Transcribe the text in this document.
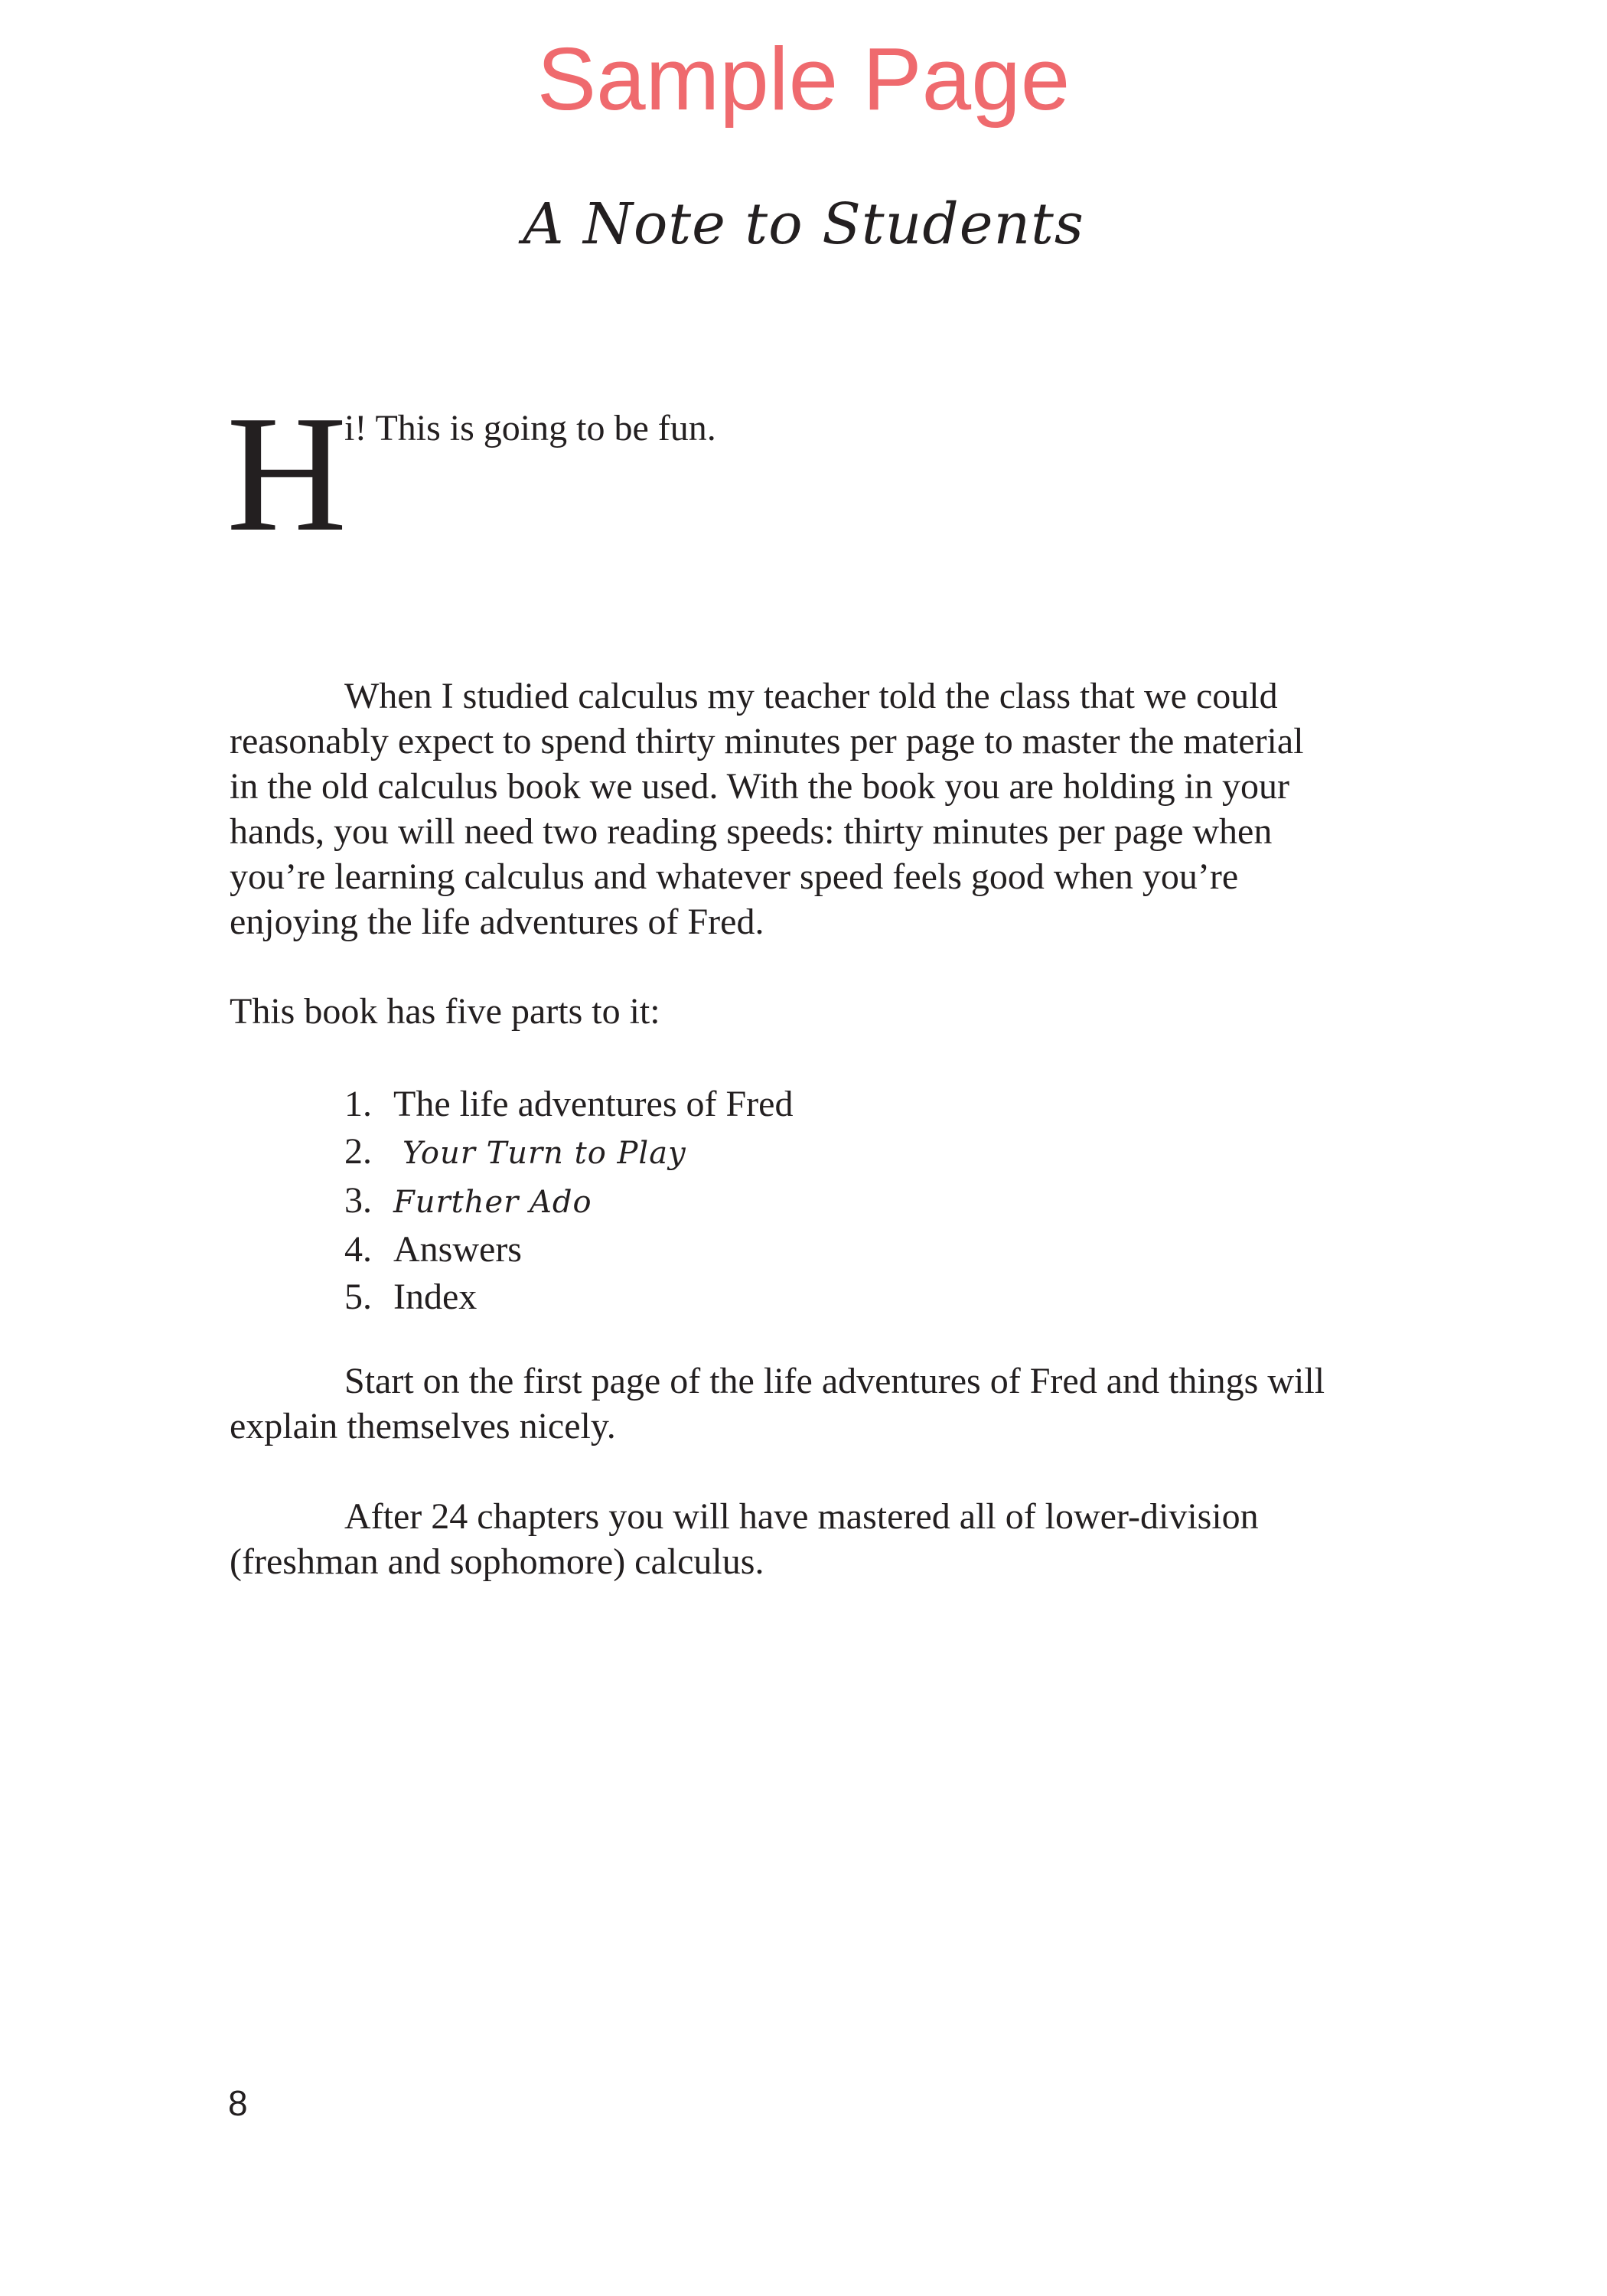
Sample Page
A Note to Students
H
i! This is going to be fun.

When I studied calculus my teacher told the class that we could
reasonably expect to spend thirty minutes per page to master the material
in the old calculus book we used. With the book you are holding in your
hands, you will need two reading speeds: thirty minutes per page when
you’re learning calculus and whatever speed feels good when you’re
enjoying the life adventures of Fred.

This book has five parts to it:

1. The life adventures of Fred
2. Your Turn to Play
3. Further Ado
4. Answers
5. Index

Start on the first page of the life adventures of Fred and things will
explain themselves nicely.

After 24 chapters you will have mastered all of lower-division
(freshman and sophomore) calculus.

8
